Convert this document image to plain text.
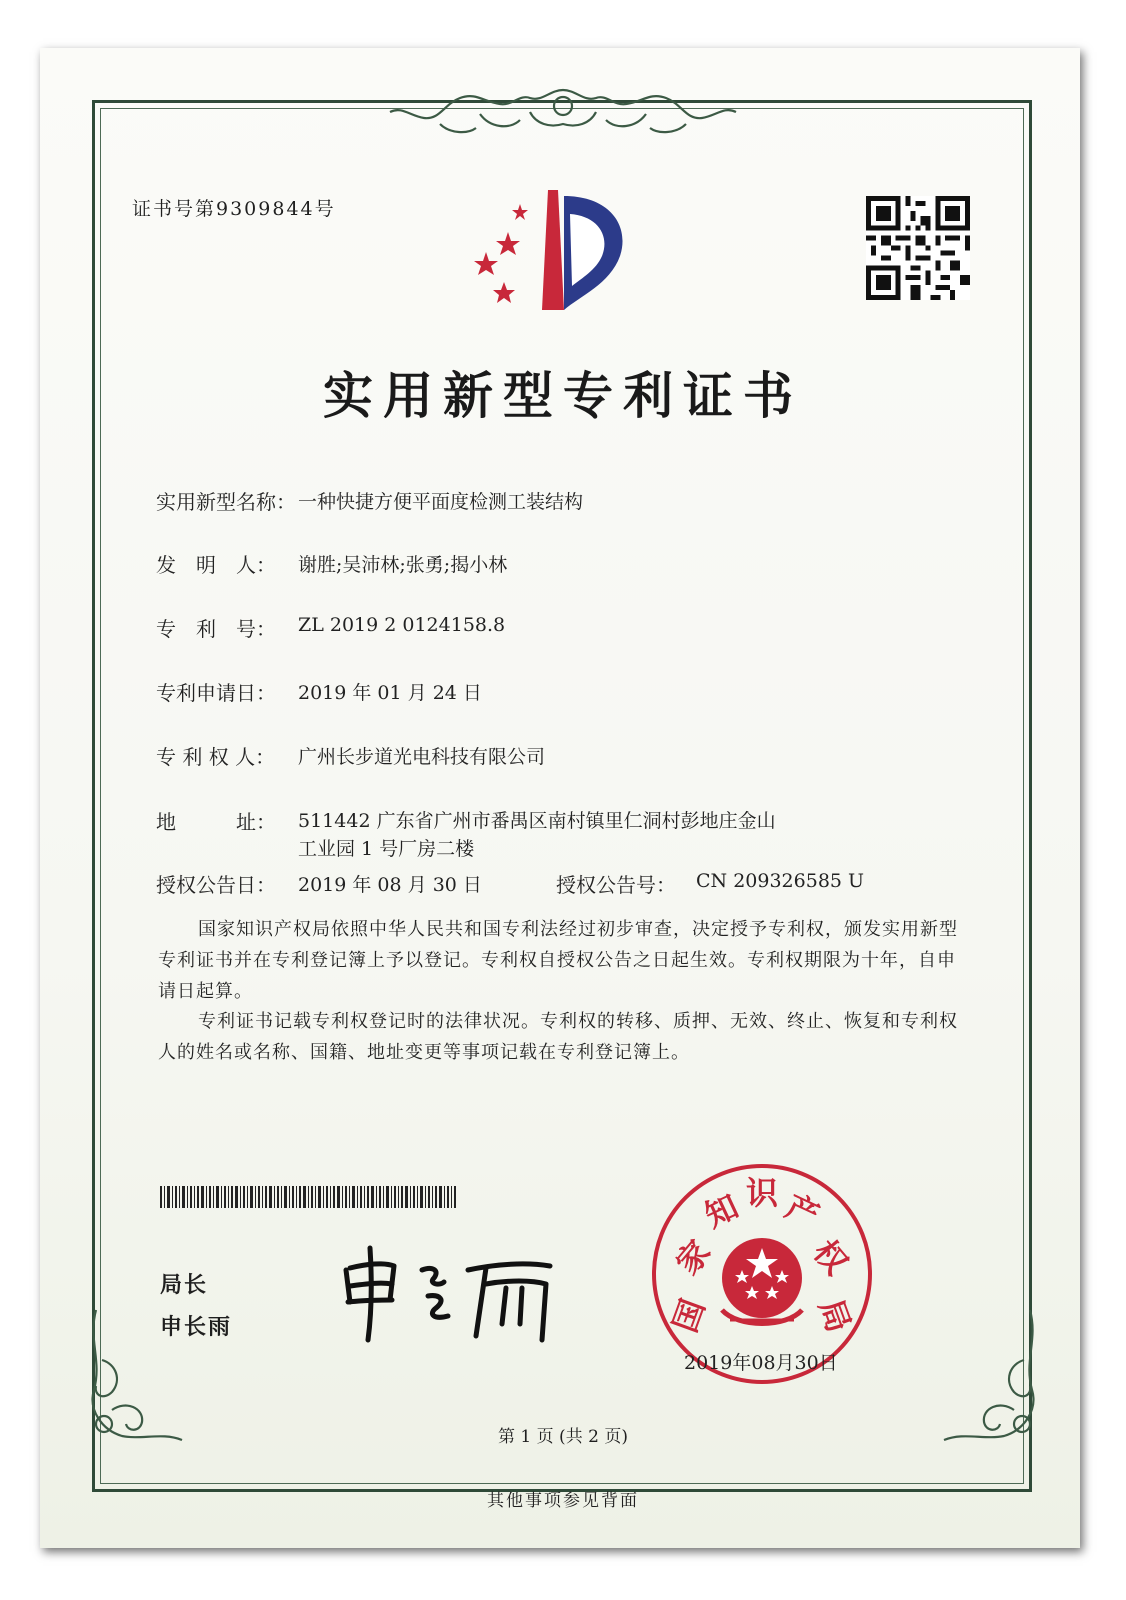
证书号第9309844号
实用新型专利证书
实用新型名称： 一种快捷方便平面度检测工装结构
发　明　人： 谢胜;吴沛林;张勇;揭小林
专　利　号： ZL 2019 2 0124158.8
专利申请日： 2019 年 01 月 24 日
专 利 权 人： 广州长步道光电科技有限公司
地　　　址： 511442 广东省广州市番禺区南村镇里仁洞村彭地庄金山
工业园 1 号厂房二楼
授权公告日： 2019 年 08 月 30 日	授权公告号： CN 209326585 U
国家知识产权局依照中华人民共和国专利法经过初步审查，决定授予专利权，颁发实用新型专利证书并在专利登记簿上予以登记。专利权自授权公告之日起生效。专利权期限为十年，自申请日起算。
专利证书记载专利权登记时的法律状况。专利权的转移、质押、无效、终止、恢复和专利权人的姓名或名称、国籍、地址变更等事项记载在专利登记簿上。
局长
申长雨	国
家
知 识 产
权
局
2019年08月30日
第 1 页 (共 2 页)
其他事项参见背面
